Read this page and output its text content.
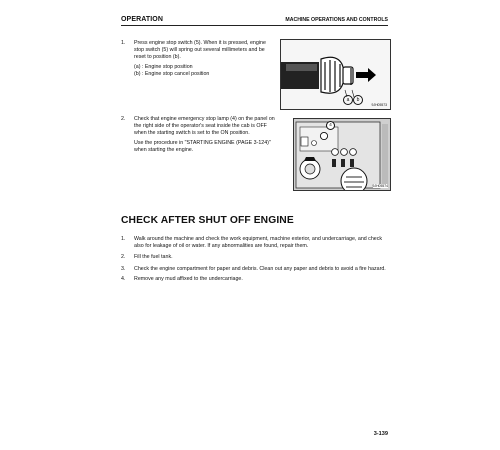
OPERATION	MACHINE OPERATIONS AND CONTROLS
1. Press engine stop switch (5). When it is pressed, engine stop switch (5) will spring out several millimeters and be reset to position (b).

(a) : Engine stop position
(b) : Engine stop cancel position
a	b
9JH05573
2. Check that engine emergency stop lamp (4) on the panel on the right side of the operator's seat inside the cab is OFF when the starting switch is set to the ON position.

Use the procedure in "STARTING ENGINE (PAGE 3-124)" when starting the engine.

4
9JH05574
CHECK AFTER SHUT OFF ENGINE
1. Walk around the machine and check the work equipment, machine exterior, and undercarriage, and check also for leakage of oil or water. If any abnormalities are found, repair them.
2. Fill the fuel tank.
3. Check the engine compartment for paper and debris. Clean out any paper and debris to avoid a fire hazard.
4. Remove any mud affixed to the undercarriage.
3-139
